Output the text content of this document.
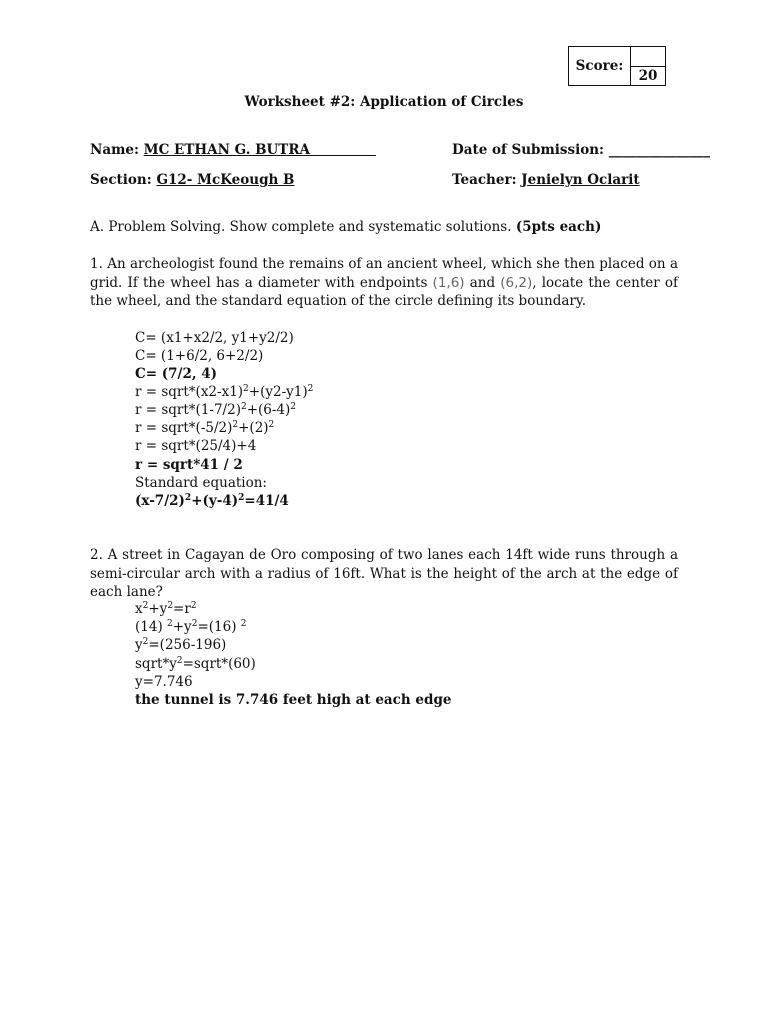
Score:
20
Worksheet #2: Application of Circles
Name: MC ETHAN G. BUTRA	Date of Submission: _______________
Section: G12- McKeough B	Teacher: Jenielyn Oclarit
A. Problem Solving. Show complete and systematic solutions. (5pts each)
1. An archeologist found the remains of an ancient wheel, which she then placed on a grid. If the wheel has a diameter with endpoints (1,6) and (6,2), locate the center of the wheel, and the standard equation of the circle defining its boundary.
C= (x1+x2/2, y1+y2/2)
C= (1+6/2, 6+2/2)
C= (7/2, 4)
$r = sqrt*(x2-x1)^2+(y2-y1)^2$
$r = sqrt*(1-7/2)^2+(6-4)^2$
$r = sqrt*(-5/2)^2+(2)^2$
r = sqrt*(25/4)+4
r = sqrt*41 / 2
Standard equation:
$(x-7/2)^2+(y-4)^2=41/4$
2. A street in Cagayan de Oro composing of two lanes each 14ft wide runs through a semi-circular arch with a radius of 16ft. What is the height of the arch at the edge of each lane?
$x^2+y^2=r^2$
(14) $^2+y^2=(16)$ $^2$
$y^2=(256-196)$
$sqrt*y^2=sqrt*(60)$
y=7.746
the tunnel is 7.746 feet high at each edge
